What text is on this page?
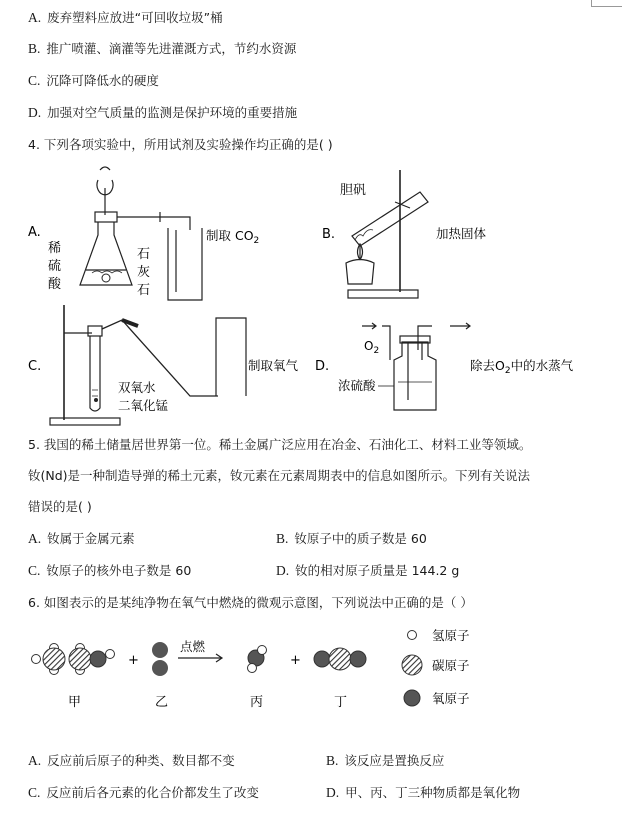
A. 废弃塑料应放进“可回收垃圾”桶
B. 推广喷灌、滴灌等先进灌溉方式，节约水资源
C. 沉降可降低水的硬度
D. 加强对空气质量的监测是保护环境的重要措施
4. 下列各项实验中，所用试剂及实验操作均正确的是( )
A.
稀
硫
酸
石
灰
石
制取 $CO_2$	B.
胆矾
加热固体
C.
双氧水
二氧化锰
制取氧气 D.
$O_2$
浓硫酸
除去$O_2$中的水蒸气
5. 我国的稀土储量居世界第一位。稀土金属广泛应用在冶金、石油化工、材料工业等领域。
钕(Nd)是一种制造导弹的稀土元素，钕元素在元素周期表中的信息如图所示。下列有关说法
错误的是( )
A. 钕属于金属元素	B. 钕原子中的质子数是 60
C. 钕原子的核外电子数是 60	D. 钕的相对原子质量是 144.2 g
6. 如图表示的是某纯净物在氧气中燃烧的微观示意图，下列说法中正确的是（ ）
+
点燃
+
甲	乙	丙	丁
氢原子
碳原子
氧原子
A. 反应前后原子的种类、数目都不变	B. 该反应是置换反应
C. 反应前后各元素的化合价都发生了改变	D. 甲、丙、丁三种物质都是氧化物
